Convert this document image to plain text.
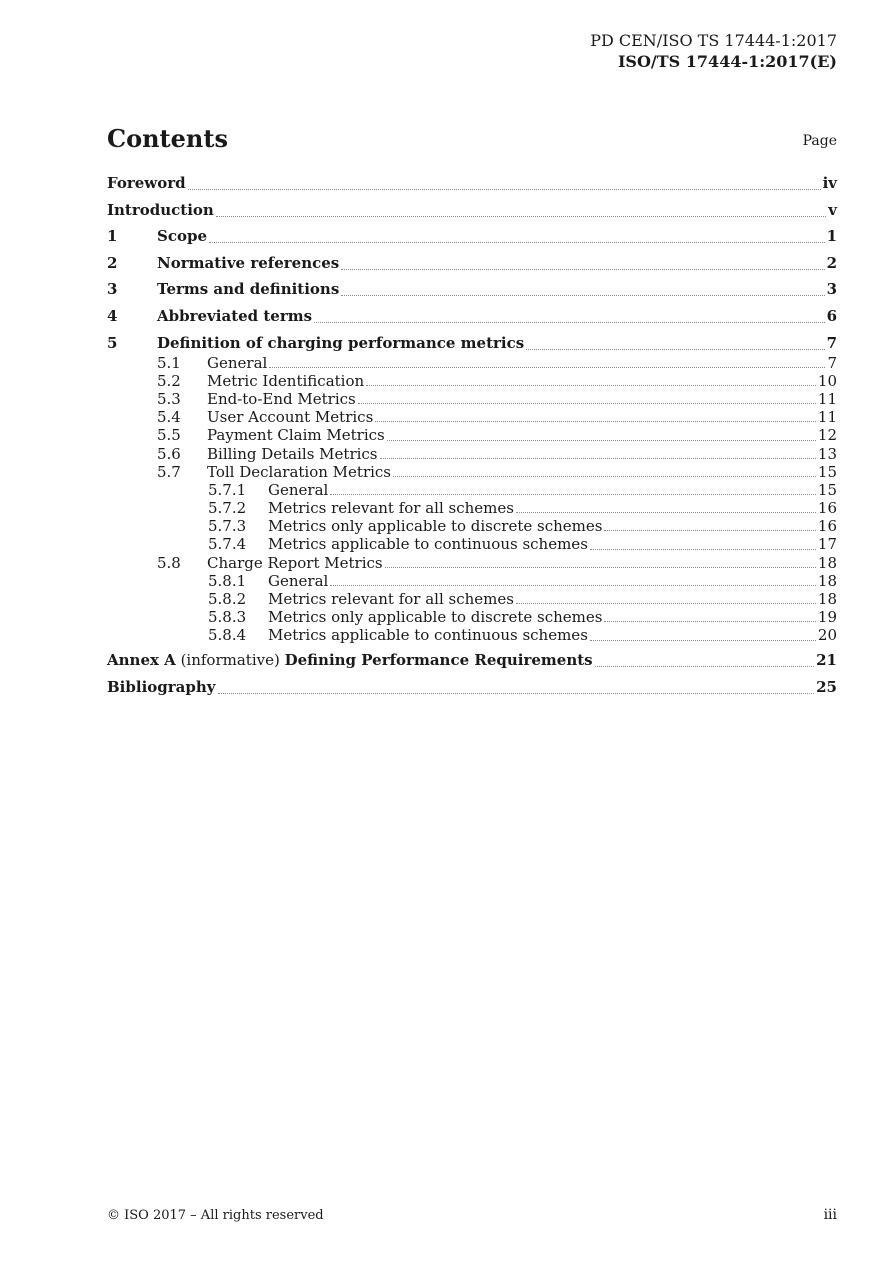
PD CEN/ISO TS 17444-1:2017
ISO/TS 17444-1:2017(E)
Contents	Page
Foreword	iv
Introduction	v
1	Scope	1
2	Normative references	2
3	Terms and definitions	3
4	Abbreviated terms	6
5	Definition of charging performance metrics	7
5.1	General	7
5.2	Metric Identification	10
5.3	End-to-End Metrics	11
5.4	User Account Metrics	11
5.5	Payment Claim Metrics	12
5.6	Billing Details Metrics	13
5.7	Toll Declaration Metrics	15
5.7.1	General	15
5.7.2	Metrics relevant for all schemes	16
5.7.3	Metrics only applicable to discrete schemes	16
5.7.4	Metrics applicable to continuous schemes	17
5.8	Charge Report Metrics	18
5.8.1	General	18
5.8.2	Metrics relevant for all schemes	18
5.8.3	Metrics only applicable to discrete schemes	19
5.8.4	Metrics applicable to continuous schemes	20
Annex A (informative) Defining Performance Requirements	21
Bibliography	25
© ISO 2017 – All rights reserved	iii
